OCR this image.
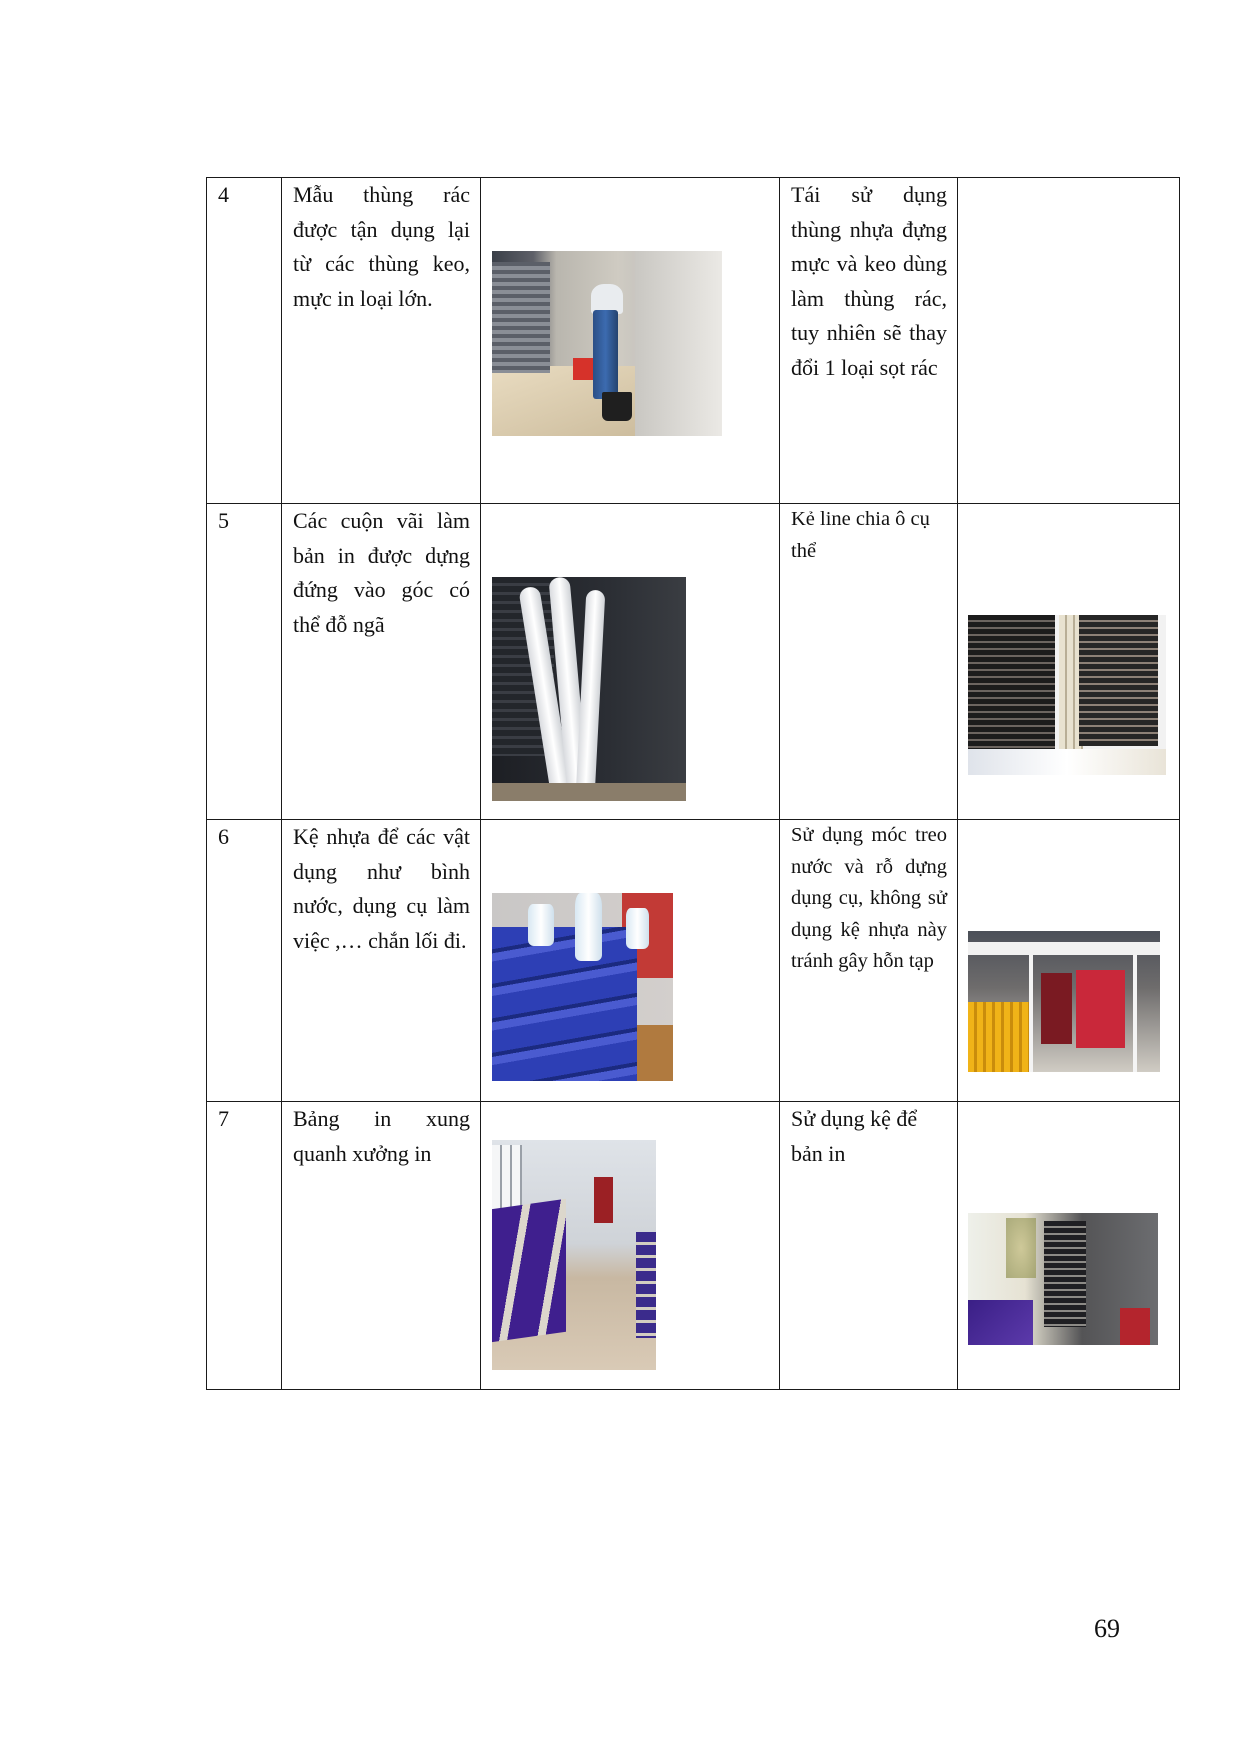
4	Mẫu thùng rác được tận dụng lại từ các thùng keo, mực in loại lớn.		Tái sử dụng thùng nhựa đựng mực và keo dùng làm thùng rác, tuy nhiên sẽ thay đổi 1 loại sọt rác	

5	Các cuộn vãi làm bản in được dựng đứng vào góc có thể đỗ ngã		Kẻ line chia ô cụ thể	

6	Kệ nhựa để các vật dụng như bình nước, dụng cụ làm việc ,… chắn lối đi.		Sử dụng móc treo nước và rỗ dựng dụng cụ, không sử dụng kệ nhựa này tránh gây hỗn tạp	

7	Bảng in xung quanh xưởng in		Sử dụng kệ để bản in	

69
